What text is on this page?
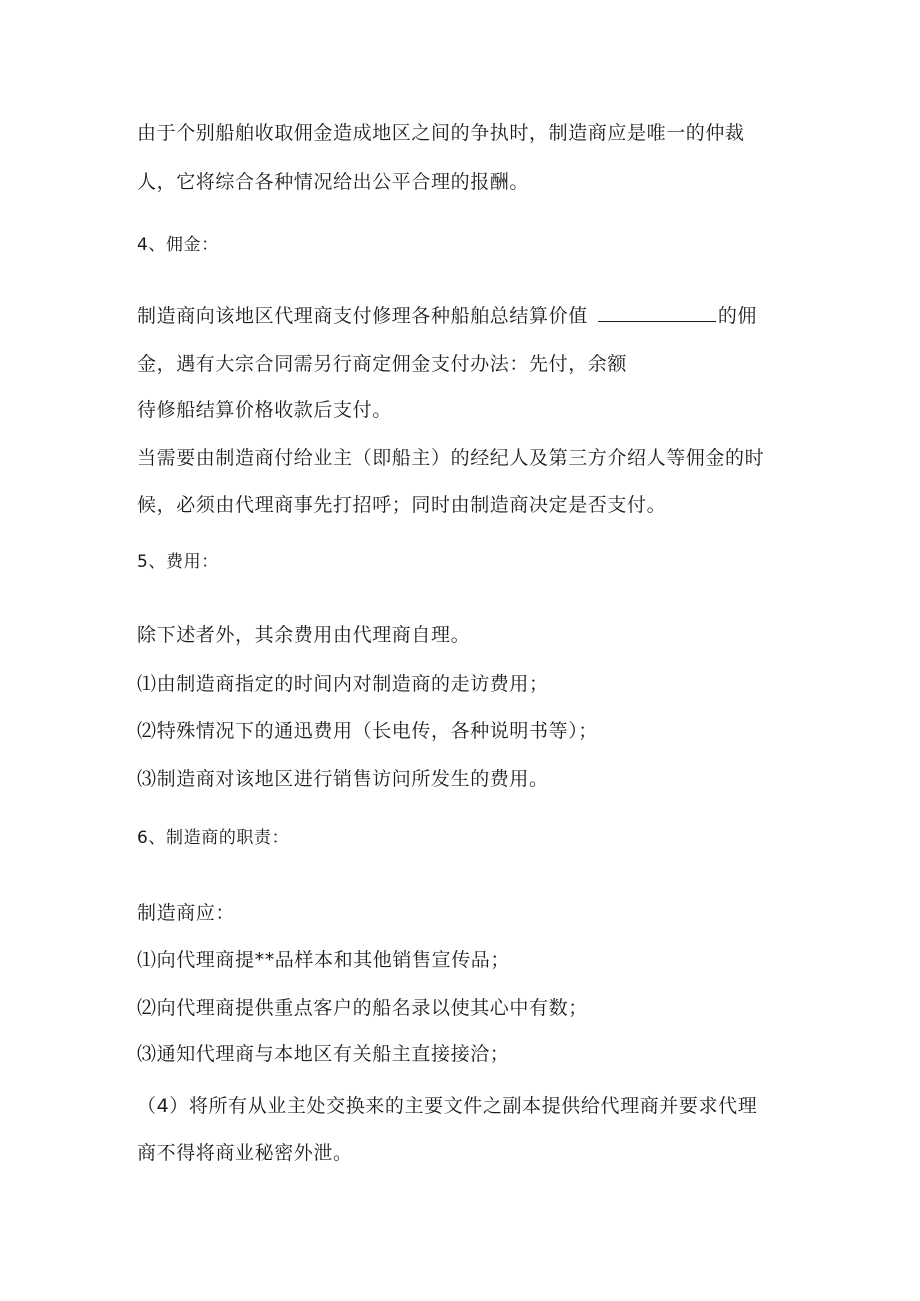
由于个别船舶收取佣金造成地区之间的争执时，制造商应是唯一的仲裁
人，它将综合各种情况给出公平合理的报酬。
4、佣金：
制造商向该地区代理商支付修理各种船舶总结算价值	的佣
金，遇有大宗合同需另行商定佣金支付办法：先付，余额
待修船结算价格收款后支付。
当需要由制造商付给业主（即船主）的经纪人及第三方介绍人等佣金的时
候，必须由代理商事先打招呼；同时由制造商决定是否支付。
5、费用：
除下述者外，其余费用由代理商自理。
⑴由制造商指定的时间内对制造商的走访费用；
⑵特殊情况下的通迅费用（长电传，各种说明书等）；
⑶制造商对该地区进行销售访问所发生的费用。
6、制造商的职责：
制造商应：
⑴向代理商提**品样本和其他销售宣传品；
⑵向代理商提供重点客户的船名录以使其心中有数；
⑶通知代理商与本地区有关船主直接接洽；
（4）将所有从业主处交换来的主要文件之副本提供给代理商并要求代理
商不得将商业秘密外泄。
